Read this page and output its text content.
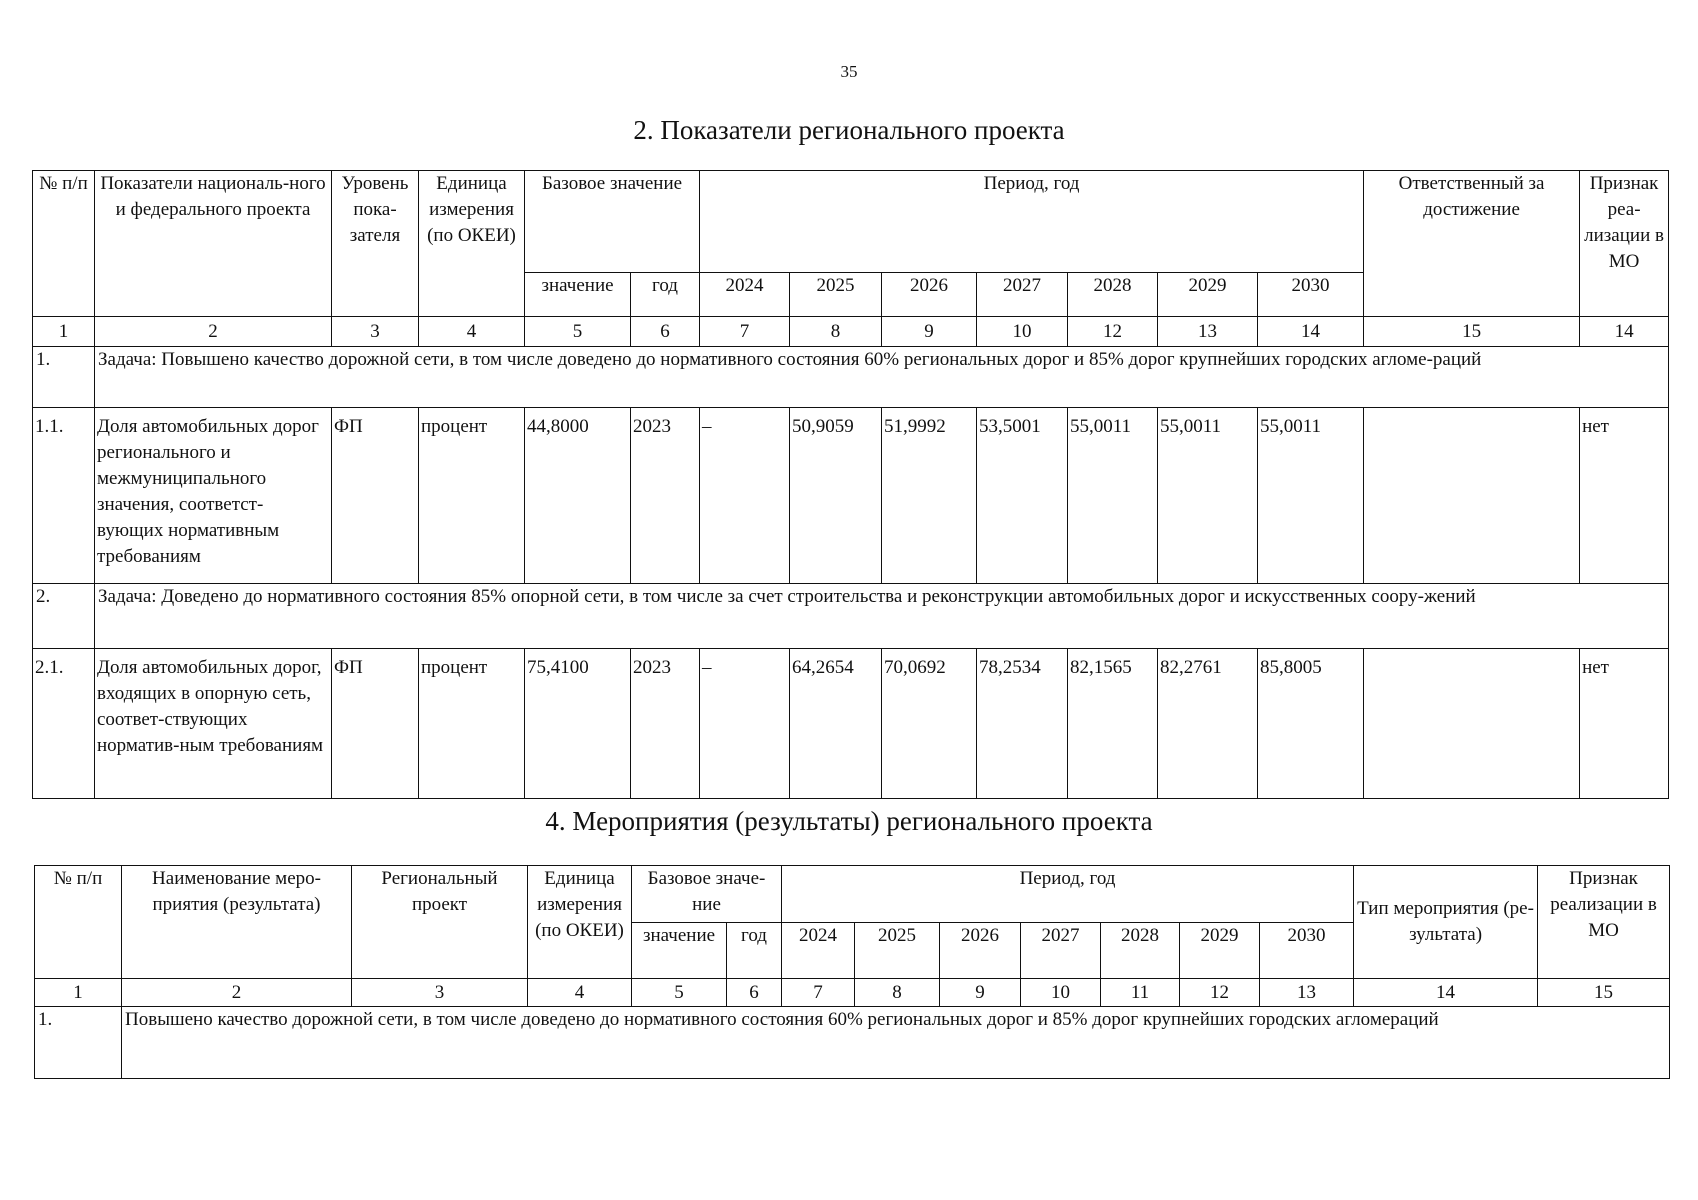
35
2. Показатели регионального проекта
№ п/п	Показатели националь-ного и федерального проекта	Уровень пока-зателя	Единица измерения (по ОКЕИ)	Базовое значение		Период, год							Ответственный за достижение	Признак реа-лизации в МО
				значение	год	2024	2025	2026	2027	2028	2029	2030		
1	2	3	4	5	6	7	8	9	10	12	13	14	15	14
1.	Задача: Повышено качество дорожной сети, в том числе доведено до нормативного состояния 60% региональных дорог и 85% дорог крупнейших городских агломе-раций													
1.1.	Доля автомобильных дорог регионального и межмуниципального значения, соответст-вующих нормативным требованиям	ФП	процент	44,8000	2023	–	50,9059	51,9992	53,5001	55,0011	55,0011	55,0011		нет
2.	Задача: Доведено до нормативного состояния 85% опорной сети, в том числе за счет строительства и реконструкции автомобильных дорог и искусственных соору-жений													
2.1.	Доля автомобильных дорог, входящих в опорную сеть, соответ-ствующих норматив-ным требованиям	ФП	процент	75,4100	2023	–	64,2654	70,0692	78,2534	82,1565	82,2761	85,8005		нет
4. Мероприятия (результаты) регионального проекта
№ п/п	Наименование меро-приятия (результата)	Региональный проект	Единица измерения (по ОКЕИ)	Базовое значе-ние		Период, год							Тип мероприятия (ре-зультата)	Признак реализации в МО
				значение	год	2024	2025	2026	2027	2028	2029	2030		
1	2	3	4	5	6	7	8	9	10	11	12	13	14	15
1.	Повышено качество дорожной сети, в том числе доведено до нормативного состояния 60% региональных дорог и 85% дорог крупнейших городских агломераций													
